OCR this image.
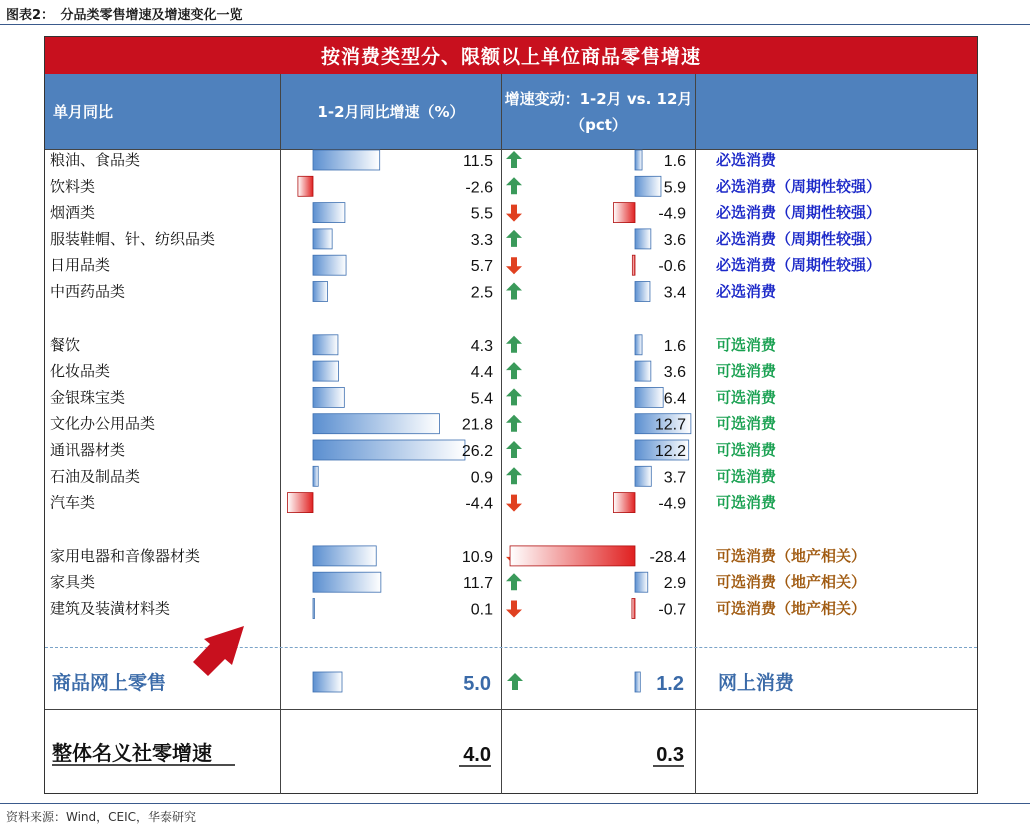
图表2：　分品类零售增速及增速变化一览
按消费类型分、限额以上单位商品零售增速
单月同比	1-2月同比增速（%）
增速变动：1-2月 vs. 12月（pct）
粮油、食品类	11.5	1.6 必选消费
饮料类	-2.6	5.9 必选消费（周期性较强）
烟酒类	5.5	-4.9 必选消费（周期性较强）
服装鞋帽、针、纺织品类	3.3	3.6 必选消费（周期性较强）
日用品类	5.7	-0.6 必选消费（周期性较强）
中西药品类	2.5	3.4 必选消费
餐饮	4.3	1.6 可选消费
化妆品类	4.4	3.6 可选消费
金银珠宝类	5.4	6.4 可选消费
文化办公用品类	21.8	12.7 可选消费
通讯器材类	26.2	12.2 可选消费
石油及制品类	0.9	3.7 可选消费
汽车类	-4.4	-4.9 可选消费
家用电器和音像器材类	10.9	-28.4 可选消费（地产相关）
家具类	11.7	2.9 可选消费（地产相关）
建筑及装潢材料类	0.1	-0.7 可选消费（地产相关）
商品网上零售	5.0	1.2 网上消费
整体名义社零增速	4.0	0.3
资料来源：Wind，CEIC，华泰研究
